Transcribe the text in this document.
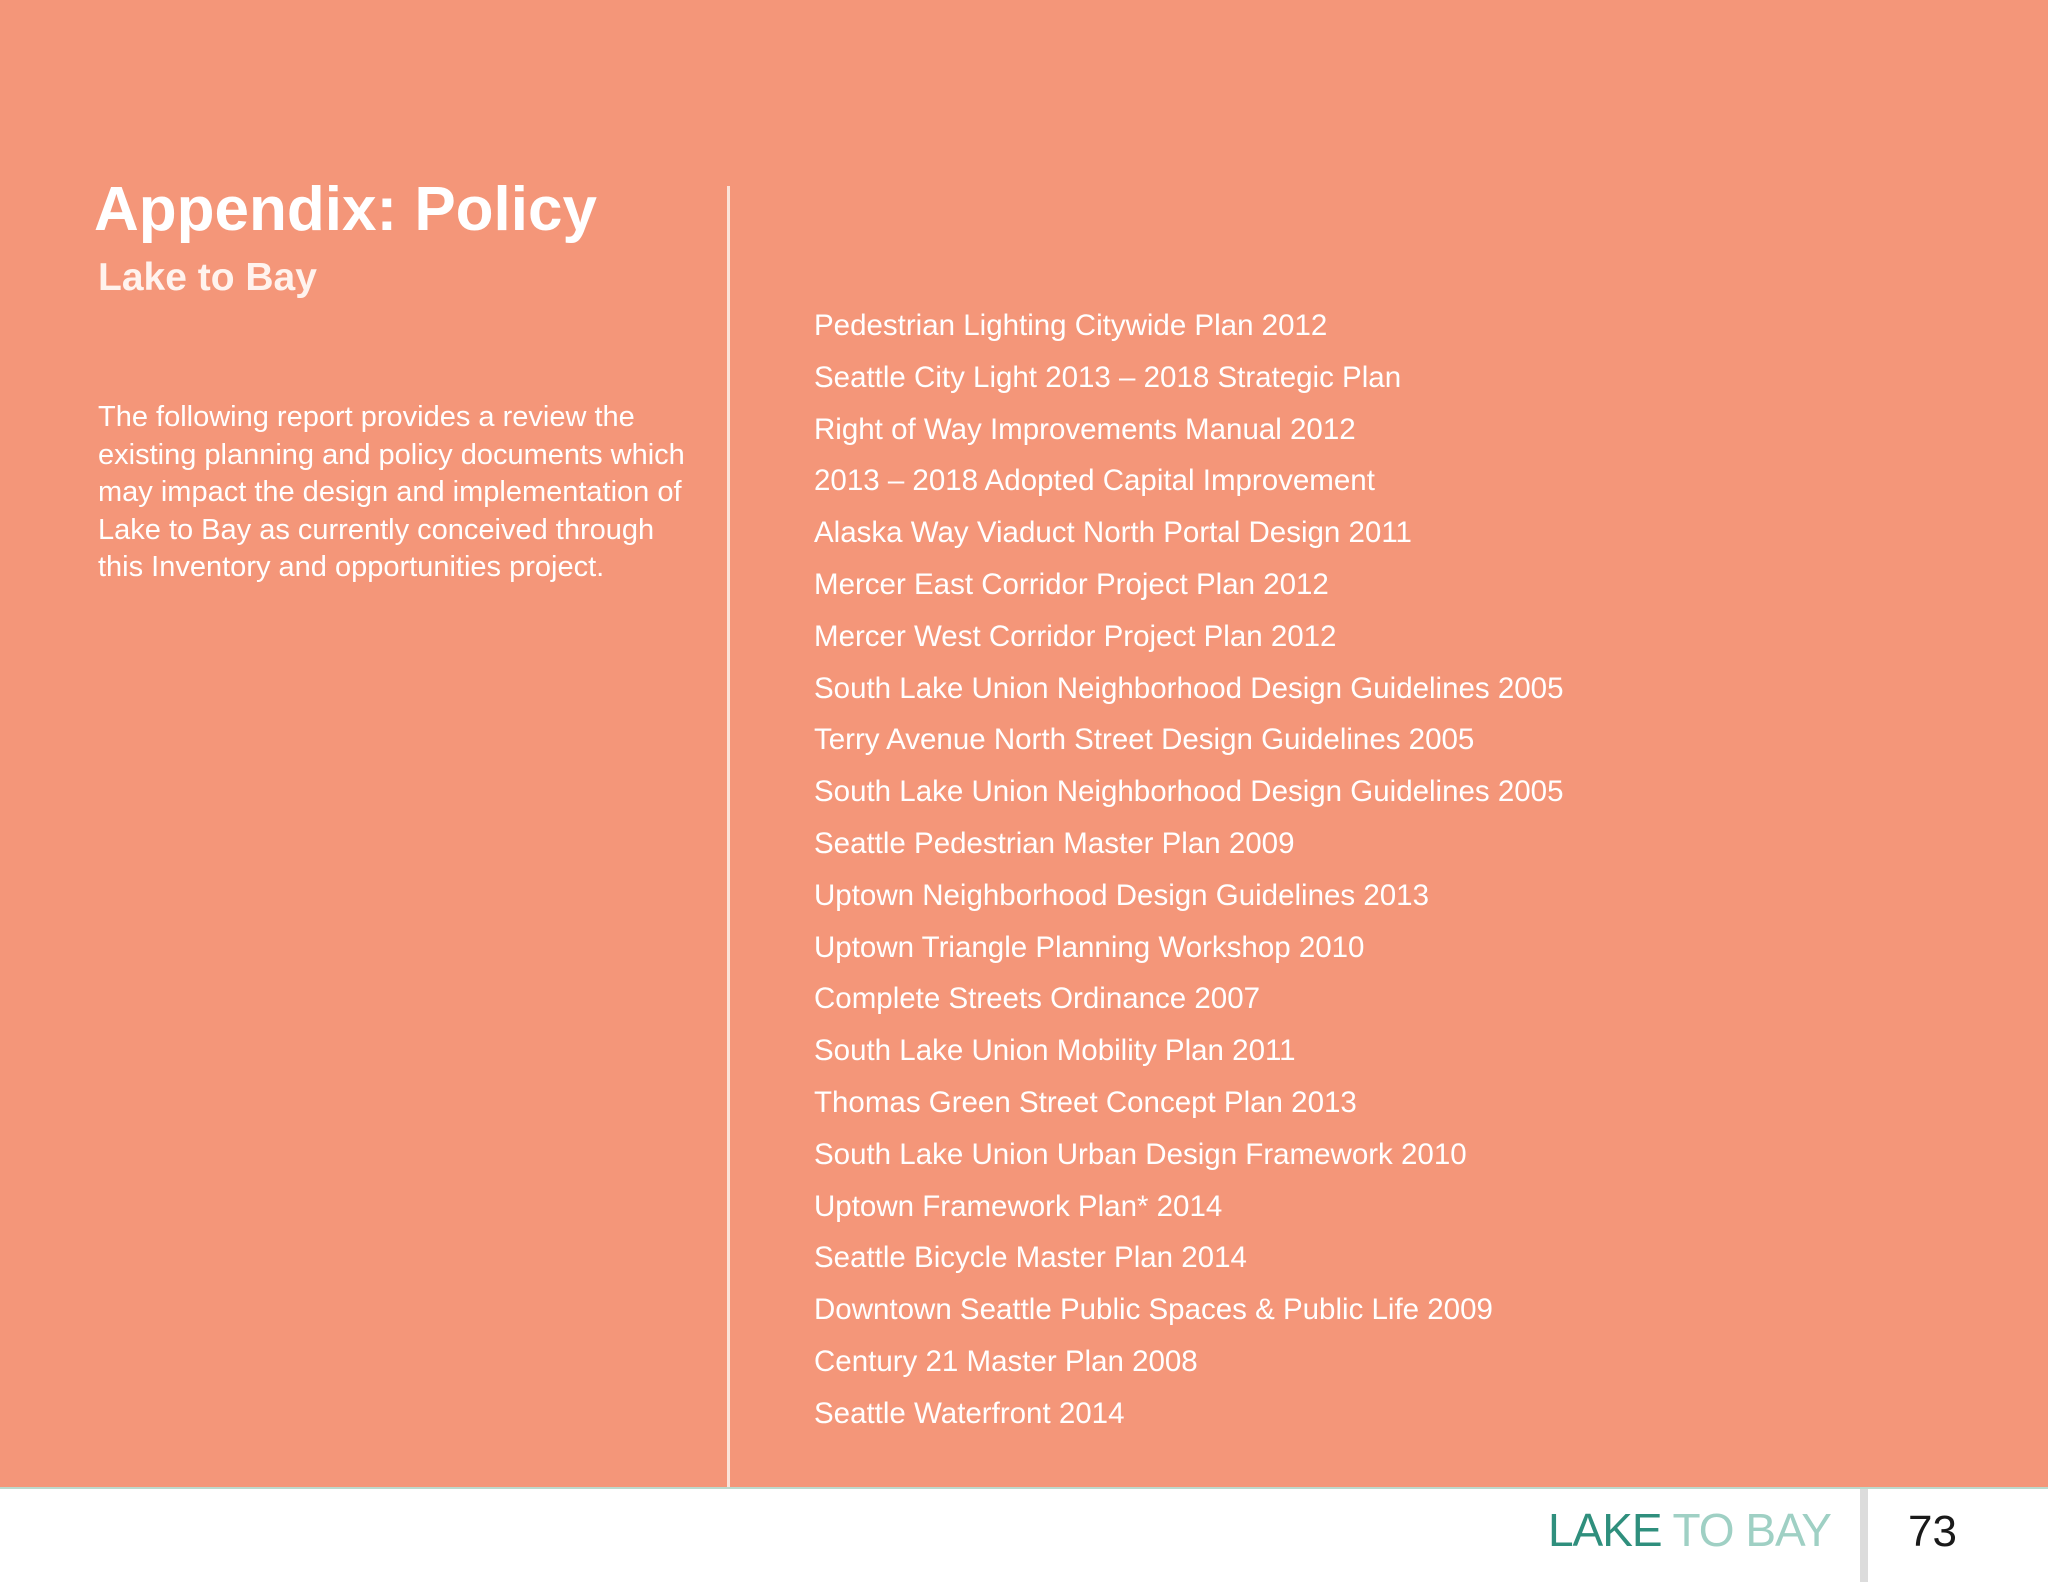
Appendix: Policy
Lake to Bay

The following report provides a review the existing planning and policy documents which may impact the design and implementation of Lake to Bay as currently conceived through this Inventory and opportunities project.

Pedestrian Lighting Citywide Plan 2012
Seattle City Light 2013 – 2018 Strategic Plan
Right of Way Improvements Manual 2012
2013 – 2018 Adopted Capital Improvement
Alaska Way Viaduct North Portal Design 2011
Mercer East Corridor Project Plan 2012
Mercer West Corridor Project Plan 2012
South Lake Union Neighborhood Design Guidelines 2005
Terry Avenue North Street Design Guidelines 2005
South Lake Union Neighborhood Design Guidelines 2005
Seattle Pedestrian Master Plan 2009
Uptown Neighborhood Design Guidelines 2013
Uptown Triangle Planning Workshop 2010
Complete Streets Ordinance 2007
South Lake Union Mobility Plan 2011
Thomas Green Street Concept Plan 2013
South Lake Union Urban Design Framework 2010
Uptown Framework Plan* 2014
Seattle Bicycle Master Plan 2014
Downtown Seattle Public Spaces & Public Life 2009
Century 21 Master Plan 2008
Seattle Waterfront 2014
LAKE TO BAY 73
